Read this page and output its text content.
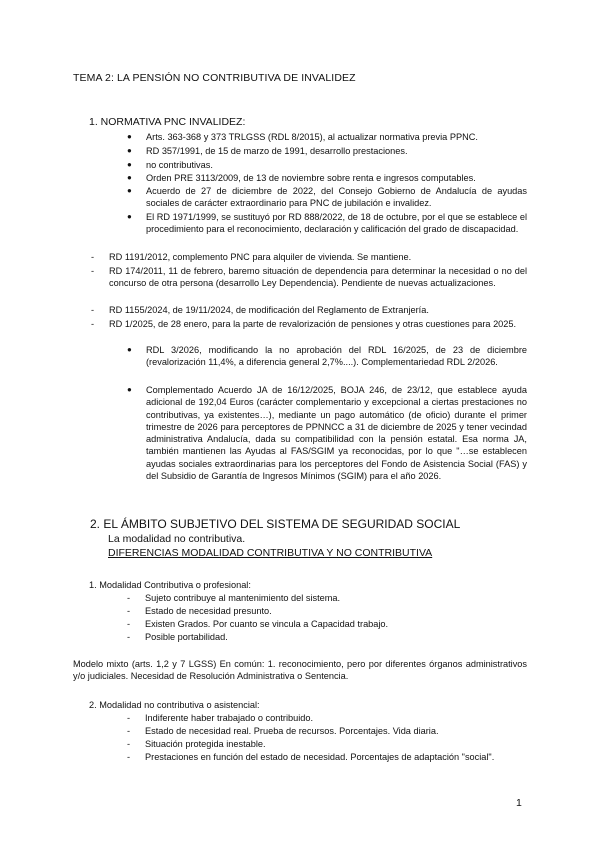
TEMA 2: LA PENSIÓN NO CONTRIBUTIVA DE INVALIDEZ
1. NORMATIVA PNC INVALIDEZ:
●	Arts. 363-368 y 373 TRLGSS (RDL 8/2015), al actualizar normativa previa PPNC.
●	RD 357/1991, de 15 de marzo de 1991, desarrollo prestaciones.
●	no contributivas.
●	Orden PRE 3113/2009, de 13 de noviembre sobre renta e ingresos computables.
●	Acuerdo de 27 de diciembre de 2022, del Consejo Gobierno de Andalucía de ayudas sociales de carácter extraordinario para PNC de jubilación e invalidez.
●	El RD 1971/1999, se sustituyó por RD 888/2022, de 18 de octubre, por el que se establece el procedimiento para el reconocimiento, declaración y calificación del grado de discapacidad.
-	RD 1191/2012, complemento PNC para alquiler de vivienda. Se mantiene.
-	RD 174/2011, 11 de febrero, baremo situación de dependencia para determinar la necesidad o no del concurso de otra persona (desarrollo Ley Dependencia). Pendiente de nuevas actualizaciones.
-	RD 1155/2024, de 19/11/2024, de modificación del Reglamento de Extranjería.
-	RD 1/2025, de 28 enero, para la parte de revalorización de pensiones y otras cuestiones para 2025.
●	RDL 3/2026, modificando la no aprobación del RDL 16/2025, de 23 de diciembre (revalorización 11,4%, a diferencia general 2,7%....). Complementariedad RDL 2/2026.
●	Complementado Acuerdo JA de 16/12/2025, BOJA 246, de 23/12, que establece ayuda adicional de 192,04 Euros (carácter complementario y excepcional a ciertas prestaciones no contributivas, ya existentes…), mediante un pago automático (de oficio) durante el primer trimestre de 2026 para perceptores de PPNNCC a 31 de diciembre de 2025 y tener vecindad administrativa Andalucía, dada su compatibilidad con la pensión estatal. Esa norma JA, también mantienen las Ayudas al FAS/SGIM ya reconocidas, por lo que "…se establecen ayudas sociales extraordinarias para los perceptores del Fondo de Asistencia Social (FAS) y del Subsidio de Garantía de Ingresos Mínimos (SGIM) para el año 2026.
2. EL ÁMBITO SUBJETIVO DEL SISTEMA DE SEGURIDAD SOCIAL
La modalidad no contributiva.
DIFERENCIAS MODALIDAD CONTRIBUTIVA Y NO CONTRIBUTIVA
1. Modalidad Contributiva o profesional:
-	Sujeto contribuye al mantenimiento del sistema.
-	Estado de necesidad presunto.
-	Existen Grados. Por cuanto se vincula a Capacidad trabajo.
-	Posible portabilidad.
Modelo mixto (arts. 1,2 y 7 LGSS) En común: 1. reconocimiento, pero por diferentes órganos administrativos y/o judiciales. Necesidad de Resolución Administrativa o Sentencia.
2. Modalidad no contributiva o asistencial:
-	Indiferente haber trabajado o contribuido.
-	Estado de necesidad real. Prueba de recursos. Porcentajes. Vida diaria.
-	Situación protegida inestable.
-	Prestaciones en función del estado de necesidad. Porcentajes de adaptación "social".
1
